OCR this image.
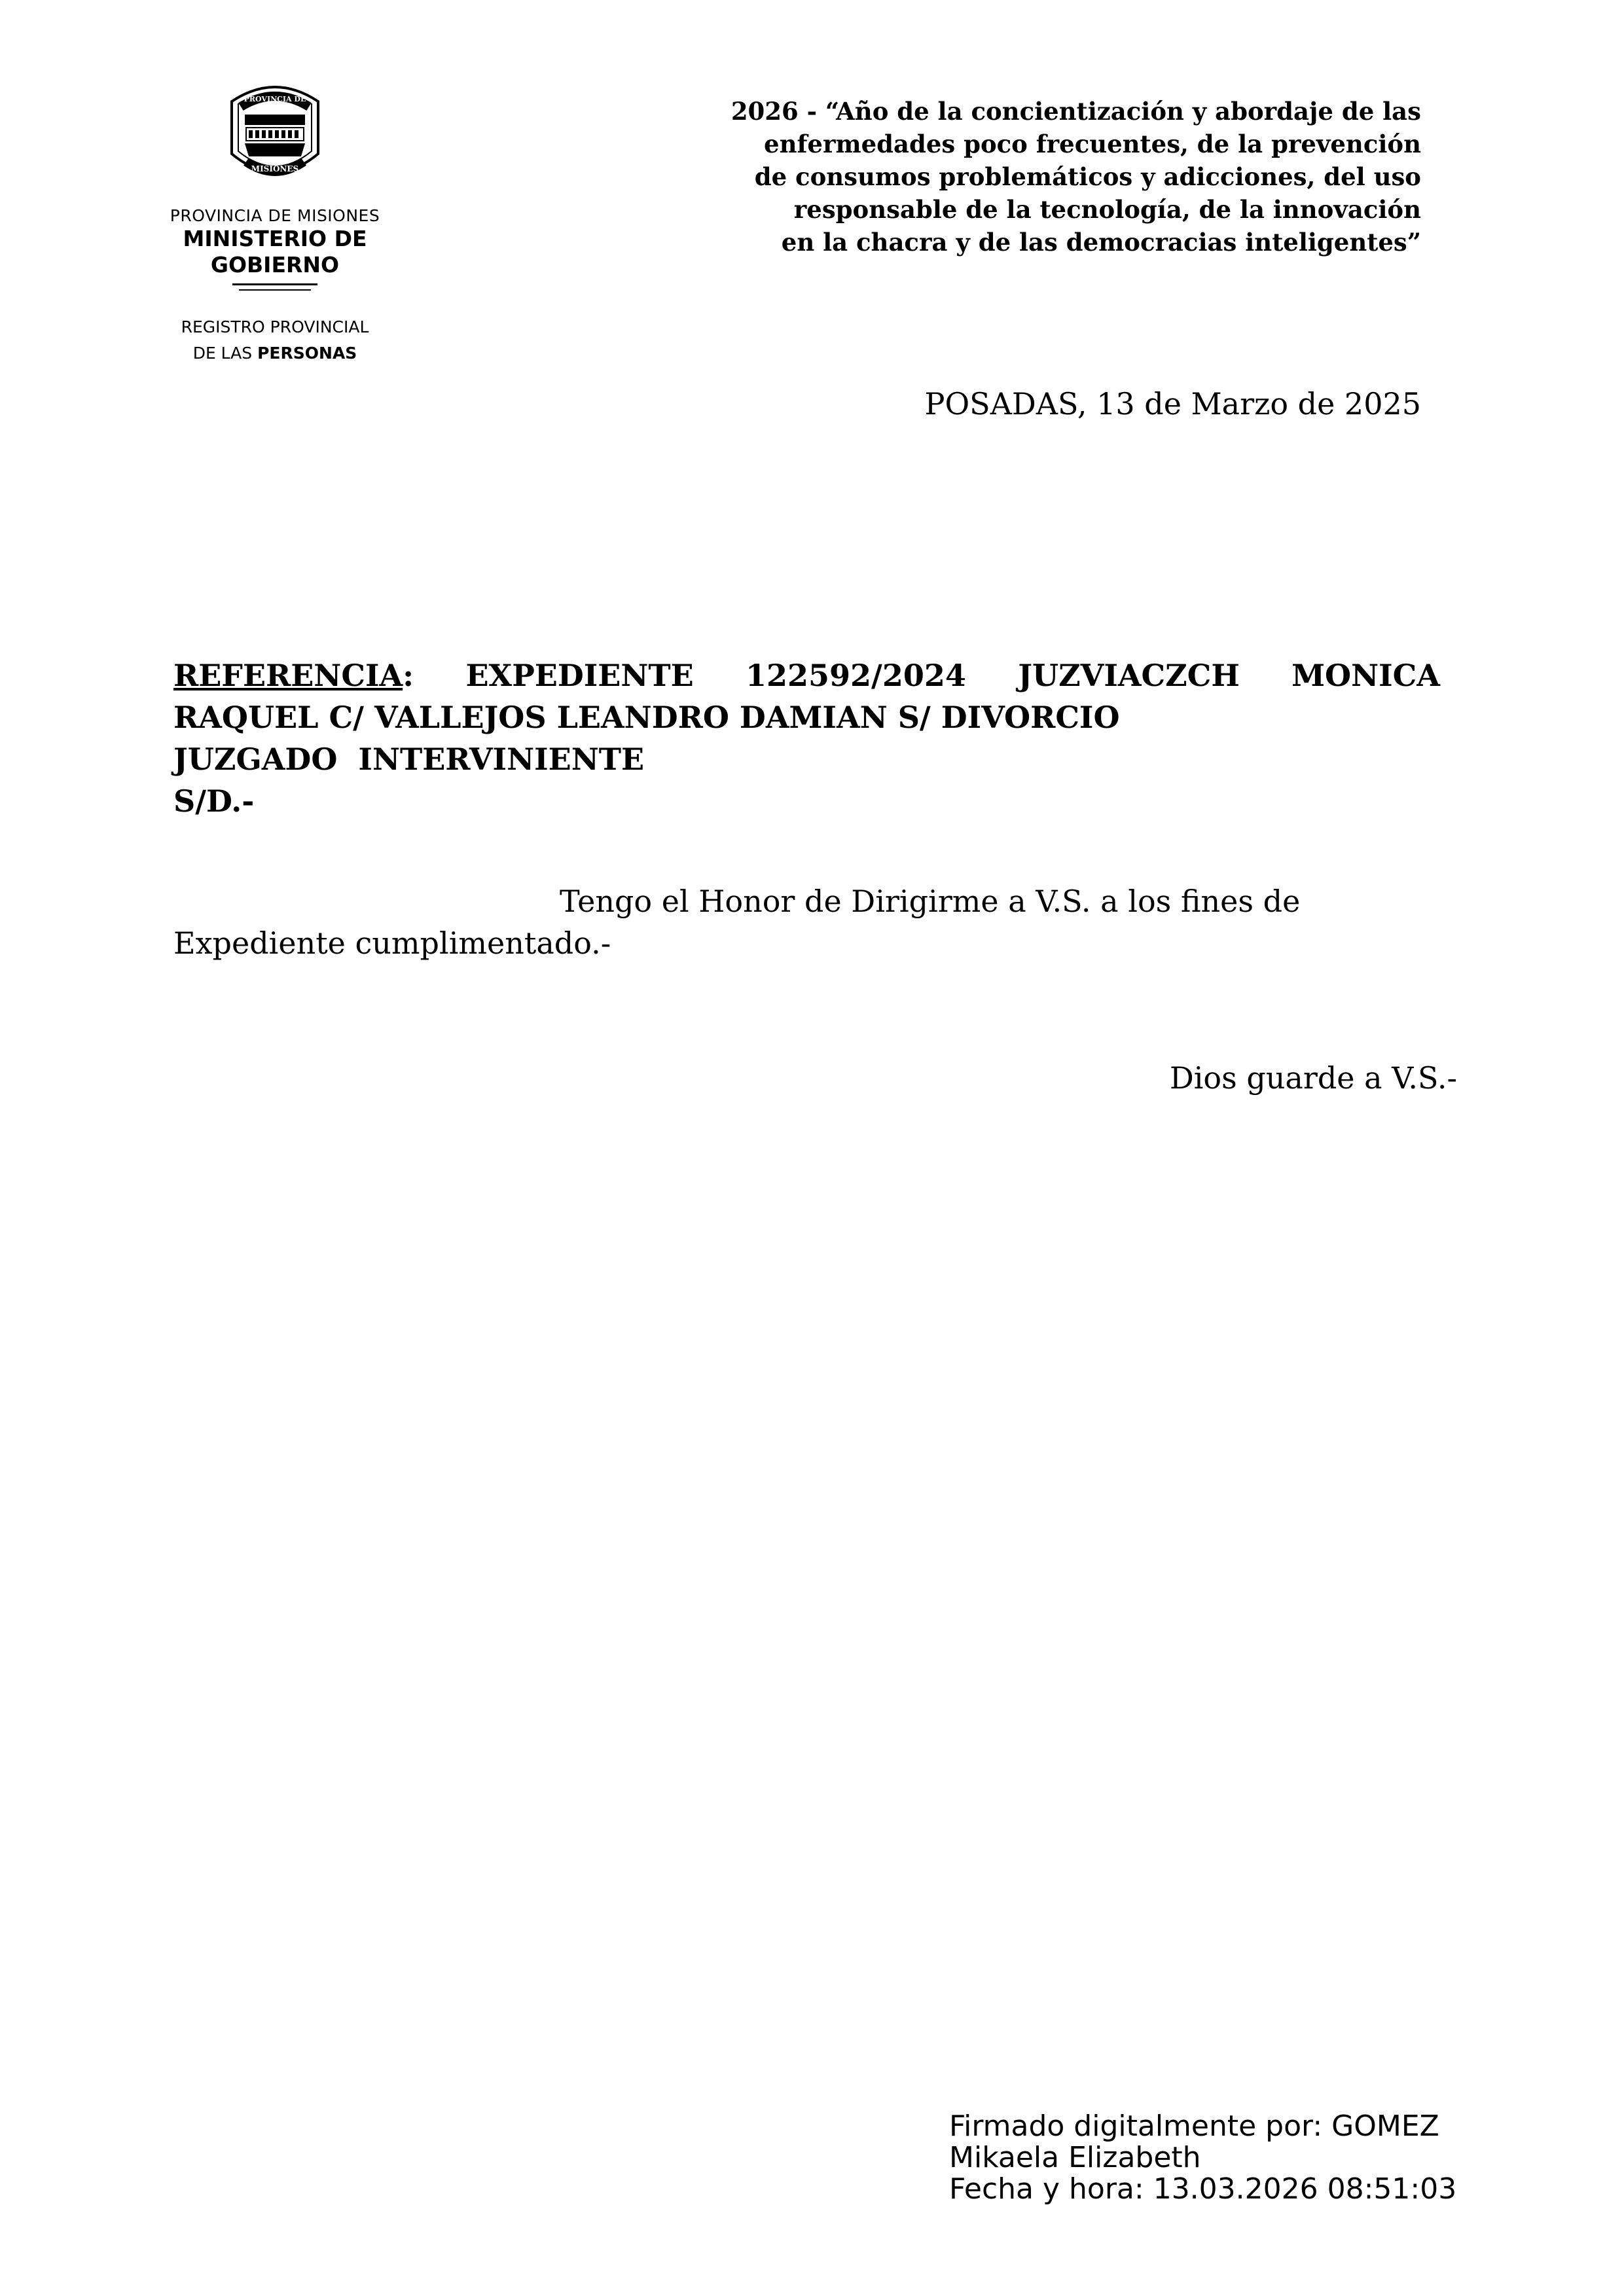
PROVINCIA DE
MISIONES
PROVINCIA DE MISIONES
MINISTERIO DE GOBIERNO
REGISTRO PROVINCIAL
DE LAS PERSONAS
2026 - “Año de la concientización y abordaje de las
enfermedades poco frecuentes, de la prevención
de consumos problemáticos y adicciones, del uso
responsable de la tecnología, de la innovación
en la chacra y de las democracias inteligentes”
POSADAS, 13 de Marzo de 2025
REFERENCIA: EXPEDIENTE 122592/2024 JUZVIACZCH MONICA
RAQUEL C/ VALLEJOS LEANDRO DAMIAN S/ DIVORCIO
JUZGADO  INTERVINIENTE
S/D.-
Tengo el Honor de Dirigirme a V.S. a los fines de
Expediente cumplimentado.-
Dios guarde a V.S.-
Firmado digitalmente por: GOMEZ
Mikaela Elizabeth
Fecha y hora: 13.03.2026 08:51:03
